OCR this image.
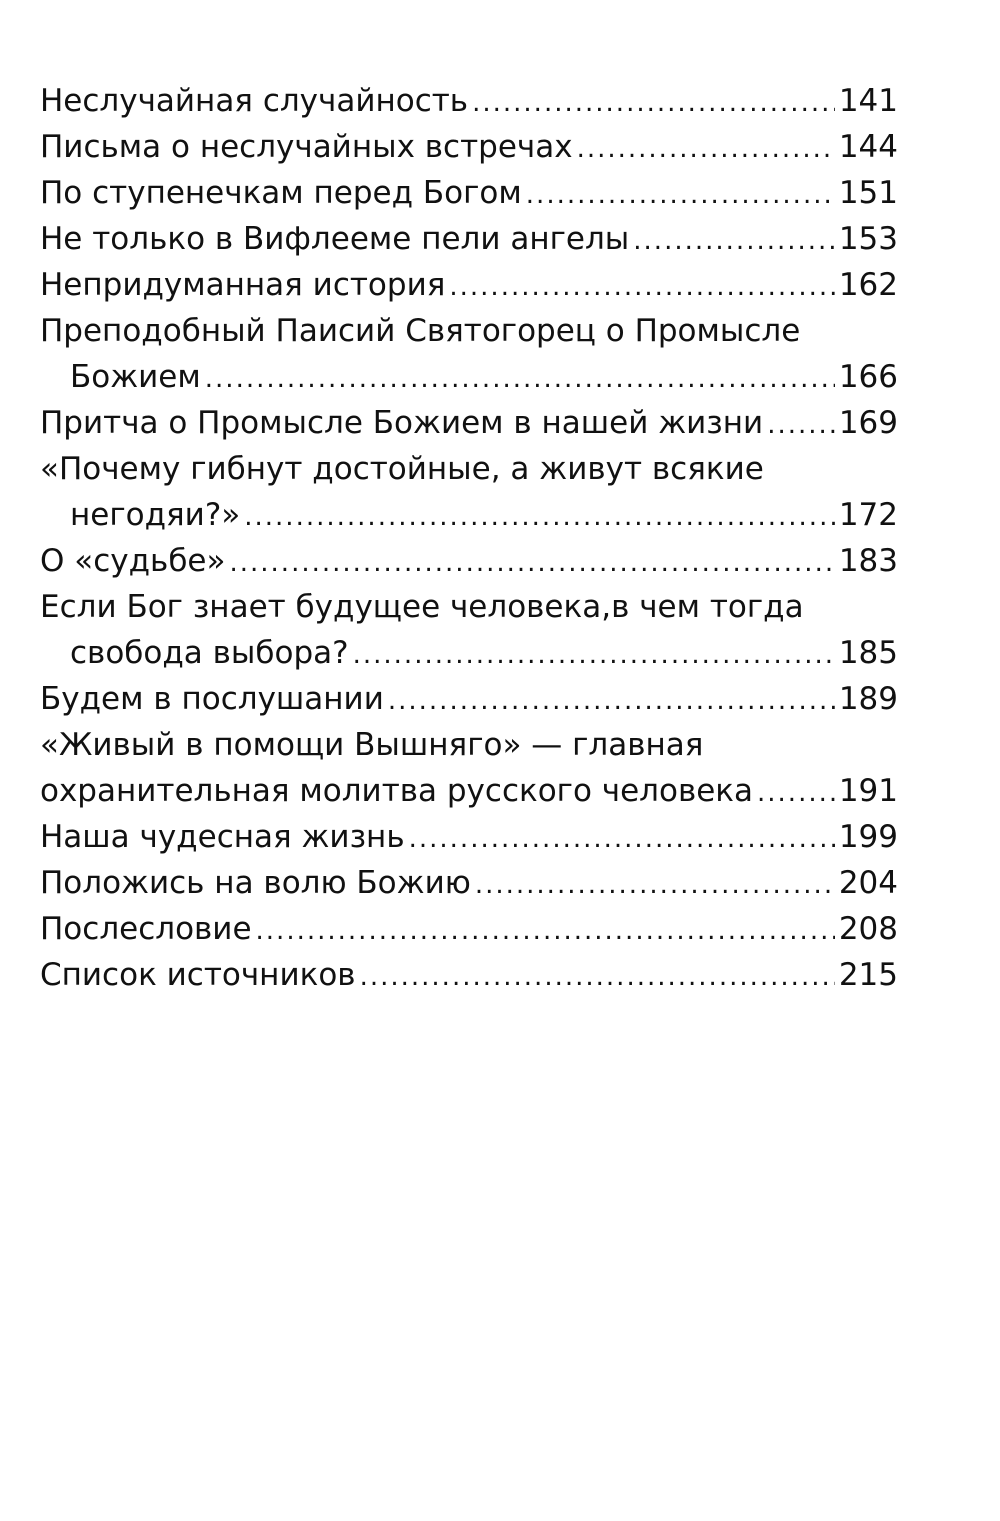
Неслучайная случайность .....	141
Письма о неслучайных встречах .....	144
По ступенечкам перед Богом .....	151
Не только в Вифлееме пели ангелы .....	153
Непридуманная история .....	162
Преподобный Паисий Святогорец о Промысле
Божием .....	166
Притча о Промысле Божием в нашей жизни ..... 169
«Почему гибнут достойные, а живут всякие
негодяи?» .....	172
О «судьбе» .....	183
Если Бог знает будущее человека,в чем тогда
свобода выбора? .....	185
Будем в послушании .....	189
«Живый в помощи Вышняго» — главная
охранительная молитва русского человека .....	191
Наша чудесная жизнь .....	199
Положись на волю Божию .....	204
Послесловие .....	208
Список источников .....	215
